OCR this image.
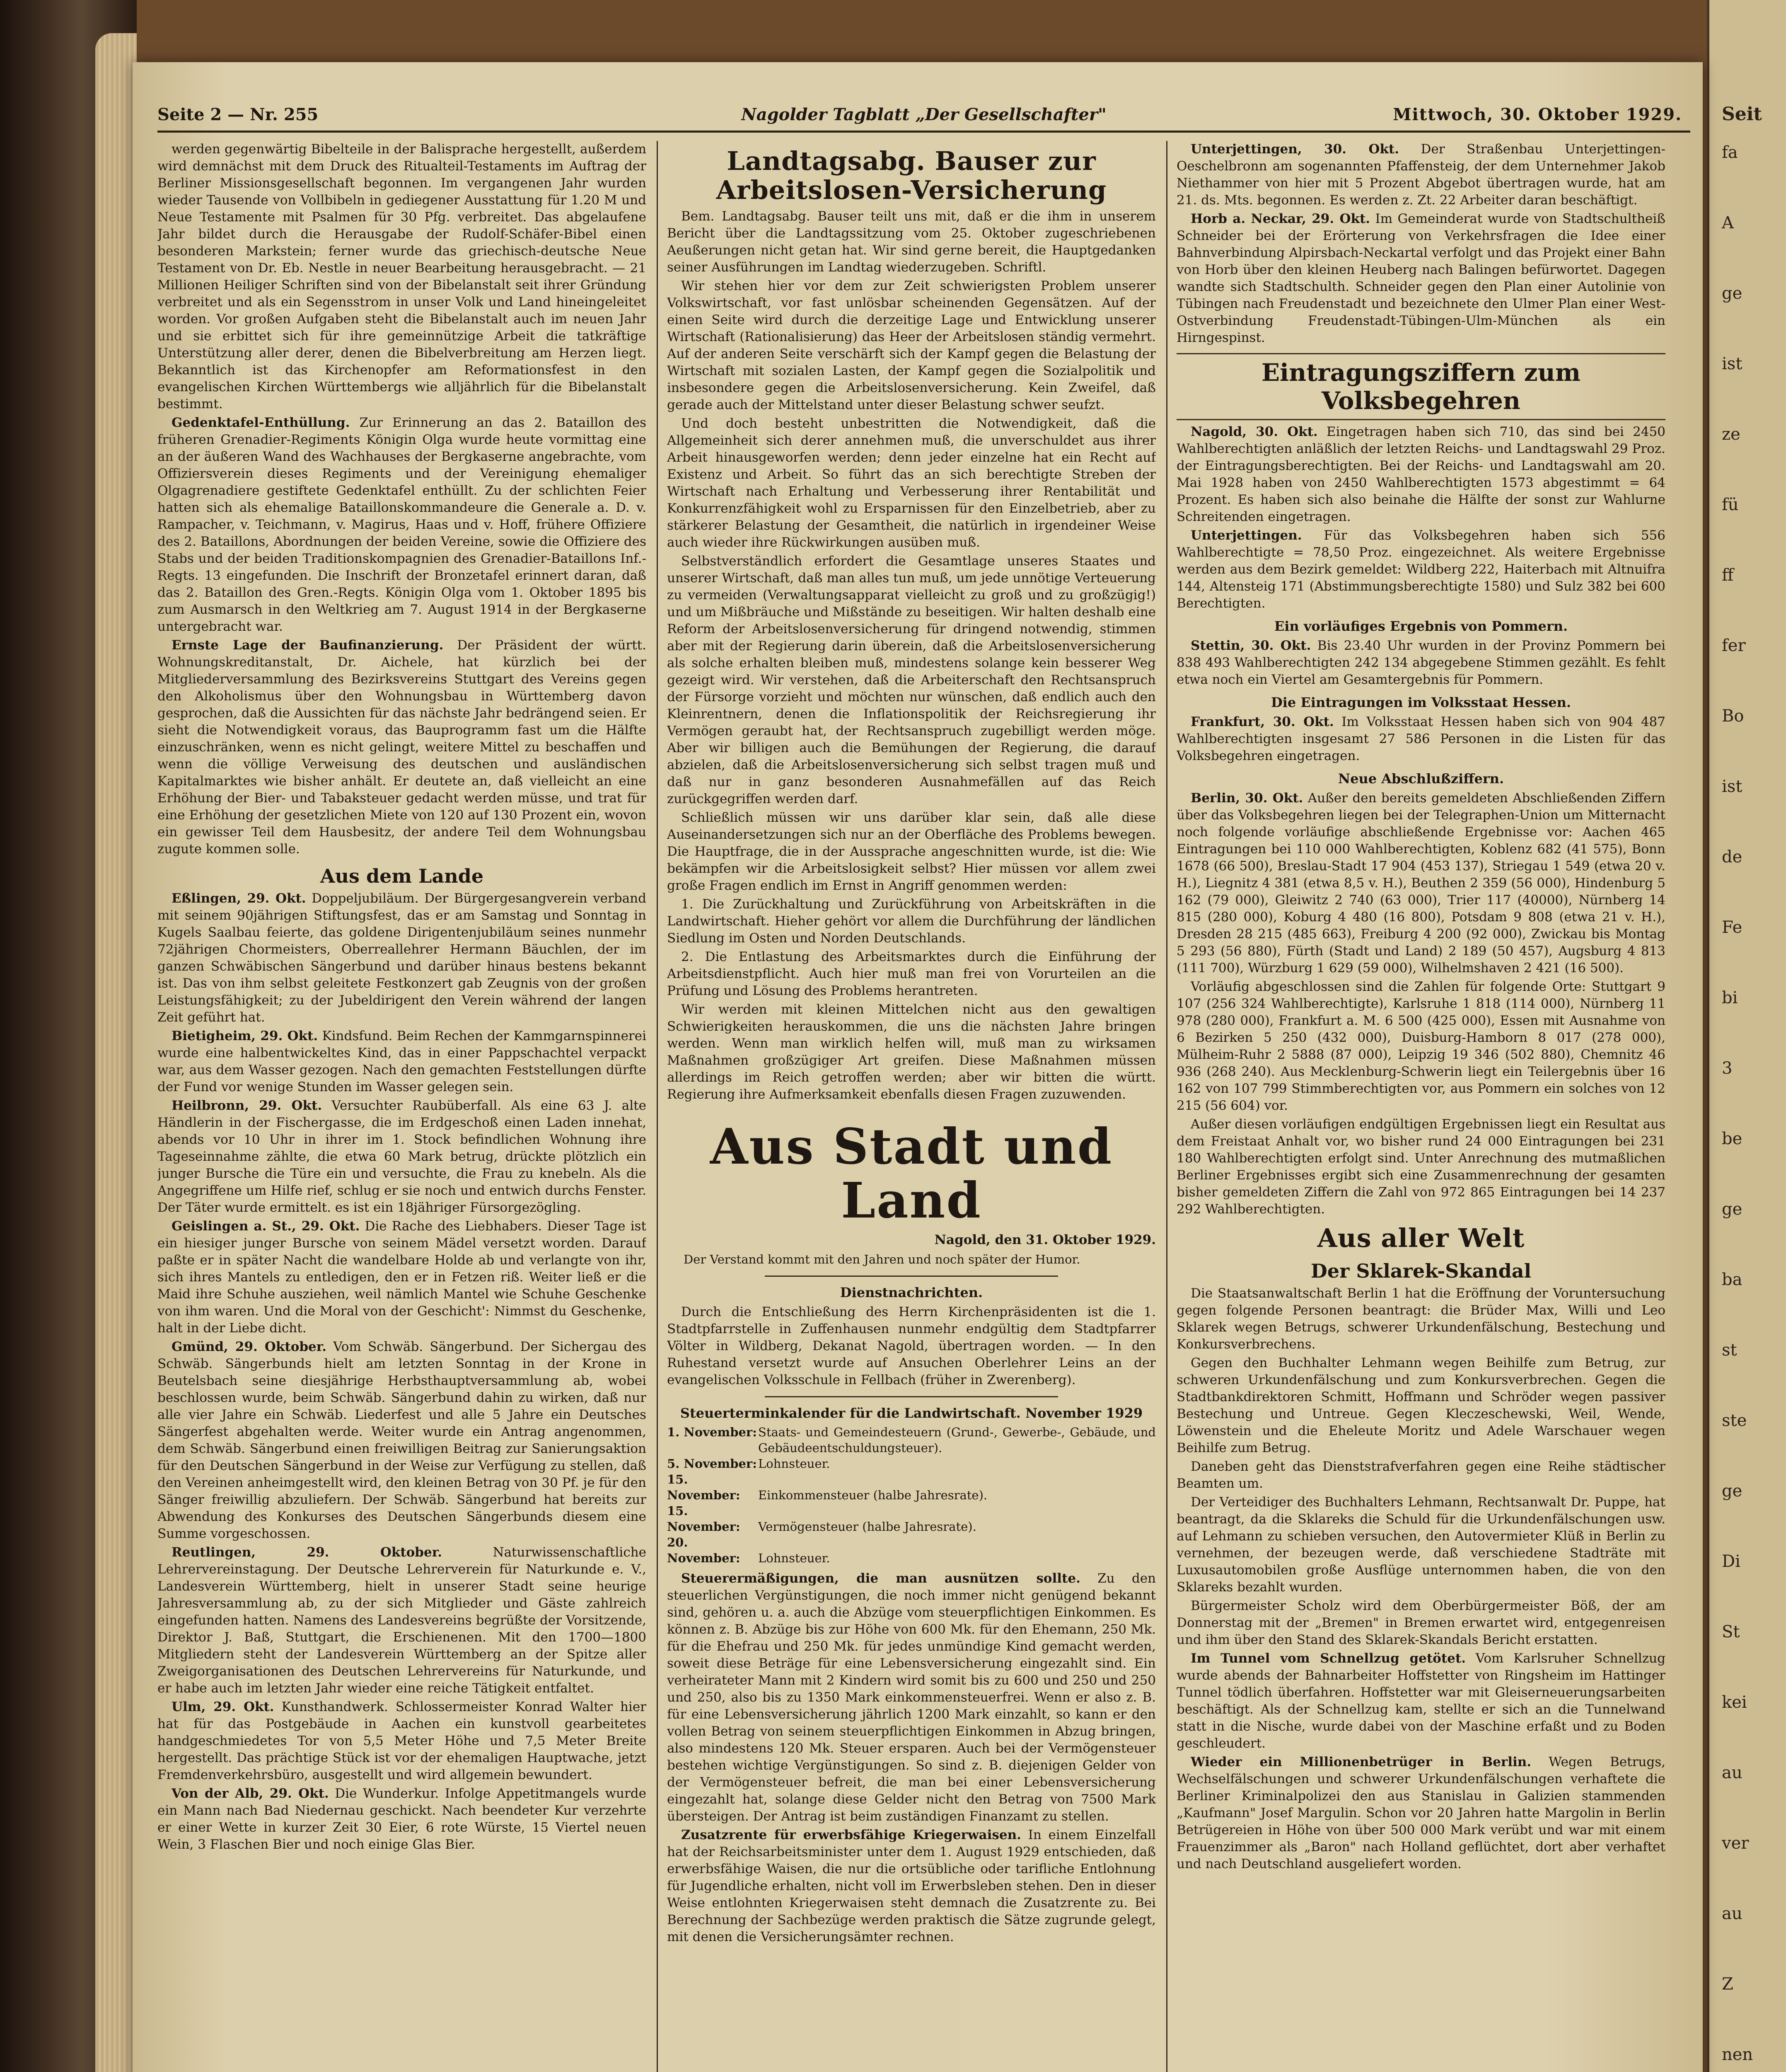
Seit
fa
A
ge
ist
ze
fü
ff
fer
Bo
ist
de
Fe
bi
3
be
ge
ba
st
ste
ge
Di
St
kei
au
ver
au
Z
nen
Seite 2 — Nr. 255	Nagolder Tagblatt „Der Gesellschafter"	Mittwoch, 30. Oktober 1929.

werden gegenwärtig Bibelteile in der Balisprache hergestellt, außerdem wird demnächst mit dem Druck des Ritualteil-Testaments im Auftrag der Berliner Missionsgesellschaft begonnen. Im vergangenen Jahr wurden wieder Tausende von Vollbibeln in gediegener Ausstattung für 1.20 M und Neue Testamente mit Psalmen für 30 Pfg. verbreitet. Das abgelaufene Jahr bildet durch die Herausgabe der Rudolf-Schäfer-Bibel einen besonderen Markstein; ferner wurde das griechisch-deutsche Neue Testament von Dr. Eb. Nestle in neuer Bearbeitung herausgebracht. — 21 Millionen Heiliger Schriften sind von der Bibelanstalt seit ihrer Gründung verbreitet und als ein Segensstrom in unser Volk und Land hineingeleitet worden. Vor großen Aufgaben steht die Bibelanstalt auch im neuen Jahr und sie erbittet sich für ihre gemeinnützige Arbeit die tatkräftige Unterstützung aller derer, denen die Bibelverbreitung am Herzen liegt. Bekanntlich ist das Kirchenopfer am Reformationsfest in den evangelischen Kirchen Württembergs wie alljährlich für die Bibelanstalt bestimmt.

Gedenktafel-Enthüllung. Zur Erinnerung an das 2. Bataillon des früheren Grenadier-Regiments Königin Olga wurde heute vormittag eine an der äußeren Wand des Wachhauses der Bergkaserne angebrachte, vom Offiziersverein dieses Regiments und der Vereinigung ehemaliger Olgagrenadiere gestiftete Gedenktafel enthüllt. Zu der schlichten Feier hatten sich als ehemalige Bataillonskommandeure die Generale a. D. v. Rampacher, v. Teichmann, v. Magirus, Haas und v. Hoff, frühere Offiziere des 2. Bataillons, Abordnungen der beiden Vereine, sowie die Offiziere des Stabs und der beiden Traditionskompagnien des Grenadier-Bataillons Inf.-Regts. 13 eingefunden. Die Inschrift der Bronzetafel erinnert daran, daß das 2. Bataillon des Gren.-Regts. Königin Olga vom 1. Oktober 1895 bis zum Ausmarsch in den Weltkrieg am 7. August 1914 in der Bergkaserne untergebracht war.

Ernste Lage der Baufinanzierung. Der Präsident der württ. Wohnungskreditanstalt, Dr. Aichele, hat kürzlich bei der Mitgliederversammlung des Bezirksvereins Stuttgart des Vereins gegen den Alkoholismus über den Wohnungsbau in Württemberg davon gesprochen, daß die Aussichten für das nächste Jahr bedrängend seien. Er sieht die Notwendigkeit voraus, das Bauprogramm fast um die Hälfte einzuschränken, wenn es nicht gelingt, weitere Mittel zu beschaffen und wenn die völlige Verweisung des deutschen und ausländischen Kapitalmarktes wie bisher anhält. Er deutete an, daß vielleicht an eine Erhöhung der Bier- und Tabaksteuer gedacht werden müsse, und trat für eine Erhöhung der gesetzlichen Miete von 120 auf 130 Prozent ein, wovon ein gewisser Teil dem Hausbesitz, der andere Teil dem Wohnungsbau zugute kommen solle.

Aus dem Lande

Eßlingen, 29. Okt. Doppeljubiläum. Der Bürgergesangverein verband mit seinem 90jährigen Stiftungsfest, das er am Samstag und Sonntag in Kugels Saalbau feierte, das goldene Dirigentenjubiläum seines nunmehr 72jährigen Chormeisters, Oberreallehrer Hermann Bäuchlen, der im ganzen Schwäbischen Sängerbund und darüber hinaus bestens bekannt ist. Das von ihm selbst geleitete Festkonzert gab Zeugnis von der großen Leistungsfähigkeit; zu der Jubeldirigent den Verein während der langen Zeit geführt hat.

Bietigheim, 29. Okt. Kindsfund. Beim Rechen der Kammgarnspinnerei wurde eine halbentwickeltes Kind, das in einer Pappschachtel verpackt war, aus dem Wasser gezogen. Nach den gemachten Feststellungen dürfte der Fund vor wenige Stunden im Wasser gelegen sein.

Heilbronn, 29. Okt. Versuchter Raubüberfall. Als eine 63 J. alte Händlerin in der Fischergasse, die im Erdgeschoß einen Laden innehat, abends vor 10 Uhr in ihrer im 1. Stock befindlichen Wohnung ihre Tageseinnahme zählte, die etwa 60 Mark betrug, drückte plötzlich ein junger Bursche die Türe ein und versuchte, die Frau zu knebeln. Als die Angegriffene um Hilfe rief, schlug er sie noch und entwich durchs Fenster. Der Täter wurde ermittelt. es ist ein 18jähriger Fürsorgezögling.

Geislingen a. St., 29. Okt. Die Rache des Liebhabers. Dieser Tage ist ein hiesiger junger Bursche von seinem Mädel versetzt worden. Darauf paßte er in später Nacht die wandelbare Holde ab und verlangte von ihr, sich ihres Mantels zu entledigen, den er in Fetzen riß. Weiter ließ er die Maid ihre Schuhe ausziehen, weil nämlich Mantel wie Schuhe Geschenke von ihm waren. Und die Moral von der Geschicht': Nimmst du Geschenke, halt in der Liebe dicht.

Gmünd, 29. Oktober. Vom Schwäb. Sängerbund. Der Sichergau des Schwäb. Sängerbunds hielt am letzten Sonntag in der Krone in Beutelsbach seine diesjährige Herbsthauptversammlung ab, wobei beschlossen wurde, beim Schwäb. Sängerbund dahin zu wirken, daß nur alle vier Jahre ein Schwäb. Liederfest und alle 5 Jahre ein Deutsches Sängerfest abgehalten werde. Weiter wurde ein Antrag angenommen, dem Schwäb. Sängerbund einen freiwilligen Beitrag zur Sanierungsaktion für den Deutschen Sängerbund in der Weise zur Verfügung zu stellen, daß den Vereinen anheimgestellt wird, den kleinen Betrag von 30 Pf. je für den Sänger freiwillig abzuliefern. Der Schwäb. Sängerbund hat bereits zur Abwendung des Konkurses des Deutschen Sängerbunds diesem eine Summe vorgeschossen.

Reutlingen, 29. Oktober.	Naturwissenschaftliche Lehrervereinstagung. Der Deutsche Lehrerverein für Naturkunde e. V., Landesverein Württemberg, hielt in unserer Stadt seine heurige Jahresversammlung ab, zu der sich Mitglieder und Gäste zahlreich eingefunden hatten. Namens des Landesvereins begrüßte der Vorsitzende, Direktor J. Baß, Stuttgart, die Erschienenen. Mit den 1700—1800 Mitgliedern steht der Landesverein Württemberg an der Spitze aller Zweigorganisationen des Deutschen Lehrervereins für Naturkunde, und er habe auch im letzten Jahr wieder eine reiche Tätigkeit entfaltet.

Ulm, 29. Okt. Kunsthandwerk. Schlossermeister Konrad Walter hier hat für das Postgebäude in Aachen ein kunstvoll gearbeitetes handgeschmiedetes Tor von 5,5 Meter Höhe und 7,5 Meter Breite hergestellt. Das prächtige Stück ist vor der ehemaligen Hauptwache, jetzt Fremdenverkehrsbüro, ausgestellt und wird allgemein bewundert.

Von der Alb, 29. Okt. Die Wunderkur. Infolge Appetitmangels wurde ein Mann nach Bad Niedernau geschickt. Nach beendeter Kur verzehrte er einer Wette in kurzer Zeit 30 Eier, 6 rote Würste, 15 Viertel neuen Wein, 3 Flaschen Bier und noch einige Glas Bier.

Landtagsabg. Bauser zur Arbeitslosen-Versicherung

Bem. Landtagsabg. Bauser teilt uns mit, daß er die ihm in unserem Bericht über die Landtagssitzung vom 25. Oktober zugeschriebenen Aeußerungen nicht getan hat. Wir sind gerne bereit, die Hauptgedanken seiner Ausführungen im Landtag wiederzugeben. Schriftl.

Wir stehen hier vor dem zur Zeit schwierigsten Problem unserer Volkswirtschaft, vor fast unlösbar scheinenden Gegensätzen. Auf der einen Seite wird durch die derzeitige Lage und Entwicklung unserer Wirtschaft (Rationalisierung) das Heer der Arbeitslosen ständig vermehrt. Auf der anderen Seite verschärft sich der Kampf gegen die Belastung der Wirtschaft mit sozialen Lasten, der Kampf gegen die Sozialpolitik und insbesondere gegen die Arbeitslosenversicherung. Kein Zweifel, daß gerade auch der Mittelstand unter dieser Belastung schwer seufzt.

Und doch besteht unbestritten die Notwendigkeit, daß die Allgemeinheit sich derer annehmen muß, die unverschuldet aus ihrer Arbeit hinausgeworfen werden; denn jeder einzelne hat ein Recht auf Existenz und Arbeit. So führt das an sich berechtigte Streben der Wirtschaft nach Erhaltung und Verbesserung ihrer Rentabilität und Konkurrenzfähigkeit wohl zu Ersparnissen für den Einzelbetrieb, aber zu stärkerer Belastung der Gesamtheit, die natürlich in irgendeiner Weise auch wieder ihre Rückwirkungen ausüben muß.

Selbstverständlich erfordert die Gesamtlage unseres Staates und unserer Wirtschaft, daß man alles tun muß, um jede unnötige Verteuerung zu vermeiden (Verwaltungsapparat vielleicht zu groß und zu großzügig!) und um Mißbräuche und Mißstände zu beseitigen. Wir halten deshalb eine Reform der Arbeitslosenversicherung für dringend notwendig, stimmen aber mit der Regierung darin überein, daß die Arbeitslosenversicherung als solche erhalten bleiben muß, mindestens solange kein besserer Weg gezeigt wird. Wir verstehen, daß die Arbeiterschaft den Rechtsanspruch der Fürsorge vorzieht und möchten nur wünschen, daß endlich auch den Kleinrentnern, denen die Inflationspolitik der Reichsregierung ihr Vermögen geraubt hat, der Rechtsanspruch zugebilligt werden möge. Aber wir billigen auch die Bemühungen der Regierung, die darauf abzielen, daß die Arbeitslosenversicherung sich selbst tragen muß und daß nur in ganz besonderen Ausnahmefällen auf das Reich zurückgegriffen werden darf.

Schließlich müssen wir uns darüber klar sein, daß alle diese Auseinandersetzungen sich nur an der Oberfläche des Problems bewegen. Die Hauptfrage, die in der Aussprache angeschnitten wurde, ist die: Wie bekämpfen wir die Arbeitslosigkeit selbst? Hier müssen vor allem zwei große Fragen endlich im Ernst in Angriff genommen werden:

1. Die Zurückhaltung und Zurückführung von Arbeitskräften in die Landwirtschaft. Hieher gehört vor allem die Durchführung der ländlichen Siedlung im Osten und Norden Deutschlands.

2. Die Entlastung des Arbeitsmarktes durch die Einführung der Arbeitsdienstpflicht. Auch hier muß man frei von Vorurteilen an die Prüfung und Lösung des Problems herantreten.

Wir werden mit kleinen Mittelchen nicht aus den gewaltigen Schwierigkeiten herauskommen, die uns die nächsten Jahre bringen werden. Wenn man wirklich helfen will, muß man zu wirksamen Maßnahmen großzügiger Art greifen. Diese Maßnahmen müssen allerdings im Reich getroffen werden; aber wir bitten die württ. Regierung ihre Aufmerksamkeit ebenfalls diesen Fragen zuzuwenden.

Aus Stadt und Land
Nagold, den 31. Oktober 1929.
Der Verstand kommt mit den Jahren und noch später der Humor.
Dienstnachrichten.

Durch die Entschließung des Herrn Kirchenpräsidenten ist die 1. Stadtpfarrstelle in Zuffenhausen nunmehr endgültig dem Stadtpfarrer Völter in Wildberg, Dekanat Nagold, übertragen worden. — In den Ruhestand versetzt wurde auf Ansuchen Oberlehrer Leins an der evangelischen Volksschule in Fellbach (früher in Zwerenberg).

Steuerterminkalender für die Landwirtschaft. November 1929
1. November: Staats- und Gemeindesteuern (Grund-, Gewerbe-, Gebäude, und Gebäudeentschuldungsteuer).
5. November: Lohnsteuer.
15. November: Einkommensteuer (halbe Jahresrate).
15. November: Vermögensteuer (halbe Jahresrate).
20. November: Lohnsteuer.

Steuerermäßigungen, die man ausnützen sollte. Zu den steuerlichen Vergünstigungen, die noch immer nicht genügend bekannt sind, gehören u. a. auch die Abzüge vom steuerpflichtigen Einkommen. Es können z. B. Abzüge bis zur Höhe von 600 Mk. für den Ehemann, 250 Mk. für die Ehefrau und 250 Mk. für jedes unmündige Kind gemacht werden, soweit diese Beträge für eine Lebensversicherung eingezahlt sind. Ein verheirateter Mann mit 2 Kindern wird somit bis zu 600 und 250 und 250 und 250, also bis zu 1350 Mark einkommensteuerfrei. Wenn er also z. B. für eine Lebensversicherung jährlich 1200 Mark einzahlt, so kann er den vollen Betrag von seinem steuerpflichtigen Einkommen in Abzug bringen, also mindestens 120 Mk. Steuer ersparen. Auch bei der Vermögensteuer bestehen wichtige Vergünstigungen. So sind z. B. diejenigen Gelder von der Vermögensteuer befreit, die man bei einer Lebensversicherung eingezahlt hat, solange diese Gelder nicht den Betrag von 7500 Mark übersteigen. Der Antrag ist beim zuständigen Finanzamt zu stellen.

Zusatzrente für erwerbsfähige Kriegerwaisen. In einem Einzelfall hat der Reichsarbeitsminister unter dem 1. August 1929 entschieden, daß erwerbsfähige Waisen, die nur die ortsübliche oder tarifliche Entlohnung für Jugendliche erhalten, nicht voll im Erwerbsleben stehen. Den in dieser Weise entlohnten Kriegerwaisen steht demnach die Zusatzrente zu. Bei Berechnung der Sachbezüge werden praktisch die Sätze zugrunde gelegt, mit denen die Versicherungsämter rechnen.

Unterjettingen, 30. Okt. Der Straßenbau Unterjettingen-Oeschelbronn am sogenannten Pfaffensteig, der dem Unternehmer Jakob Niethammer von hier mit 5 Prozent Abgebot übertragen wurde, hat am 21. ds. Mts. begonnen. Es werden z. Zt. 22 Arbeiter daran beschäftigt.

Horb a. Neckar, 29. Okt. Im Gemeinderat wurde von Stadtschultheiß Schneider bei der Erörterung von Verkehrsfragen die Idee einer Bahnverbindung Alpirsbach-Neckartal verfolgt und das Projekt einer Bahn von Horb über den kleinen Heuberg nach Balingen befürwortet. Dagegen wandte sich Stadtschulth. Schneider gegen den Plan einer Autolinie von Tübingen nach Freudenstadt und bezeichnete den Ulmer Plan einer West-Ostverbindung Freudenstadt-Tübingen-Ulm-München als ein Hirngespinst.

Eintragungsziffern zum Volksbegehren

Nagold, 30. Okt. Eingetragen haben sich 710, das sind bei 2450 Wahlberechtigten anläßlich der letzten Reichs- und Landtagswahl 29 Proz. der Eintragungsberechtigten. Bei der Reichs- und Landtagswahl am 20. Mai 1928 haben von 2450 Wahlberechtigten 1573 abgestimmt = 64 Prozent. Es haben sich also beinahe die Hälfte der sonst zur Wahlurne Schreitenden eingetragen.

Unterjettingen. Für das Volksbegehren haben sich 556 Wahlberechtigte = 78,50 Proz. eingezeichnet. Als weitere Ergebnisse werden aus dem Bezirk gemeldet: Wildberg 222, Haiterbach mit Altnuifra 144, Altensteig 171 (Abstimmungsberechtigte 1580) und Sulz 382 bei 600 Berechtigten.

Ein vorläufiges Ergebnis von Pommern.

Stettin, 30. Okt. Bis 23.40 Uhr wurden in der Provinz Pommern bei 838 493 Wahlberechtigten 242 134 abgegebene Stimmen gezählt. Es fehlt etwa noch ein Viertel am Gesamtergebnis für Pommern.

Die Eintragungen im Volksstaat Hessen.

Frankfurt, 30. Okt. Im Volksstaat Hessen haben sich von 904 487 Wahlberechtigten insgesamt 27 586 Personen in die Listen für das Volksbegehren eingetragen.

Neue Abschlußziffern.

Berlin, 30. Okt. Außer den bereits gemeldeten Abschließenden Ziffern über das Volksbegehren liegen bei der Telegraphen-Union um Mitternacht noch folgende vorläufige abschließende Ergebnisse vor: Aachen 465 Eintragungen bei 110 000 Wahlberechtigten, Koblenz 682 (41 575), Bonn 1678 (66 500), Breslau-Stadt 17 904 (453 137), Striegau 1 549 (etwa 20 v. H.), Liegnitz 4 381 (etwa 8,5 v. H.), Beuthen 2 359 (56 000), Hindenburg 5 162 (79 000), Gleiwitz 2 740 (63 000), Trier 117 (40000), Nürnberg 14 815 (280 000), Koburg 4 480 (16 800), Potsdam 9 808 (etwa 21 v. H.), Dresden 28 215 (485 663), Freiburg 4 200 (92 000), Zwickau bis Montag 5 293 (56 880), Fürth (Stadt und Land) 2 189 (50 457), Augsburg 4 813 (111 700), Würzburg 1 629 (59 000), Wilhelmshaven 2 421 (16 500).

Vorläufig abgeschlossen sind die Zahlen für folgende Orte: Stuttgart 9 107 (256 324 Wahlberechtigte), Karlsruhe 1 818 (114 000), Nürnberg 11 978 (280 000), Frankfurt a. M. 6 500 (425 000), Essen mit Ausnahme von 6 Bezirken 5 250 (432 000), Duisburg-Hamborn 8 017 (278 000), Mülheim-Ruhr 2 5888 (87 000), Leipzig 19 346 (502 880), Chemnitz 46 936 (268 240). Aus Mecklenburg-Schwerin liegt ein Teilergebnis über 16 162 von 107 799 Stimmberechtigten vor, aus Pommern ein solches von 12 215 (56 604) vor.

Außer diesen vorläufigen endgültigen Ergebnissen liegt ein Resultat aus dem Freistaat Anhalt vor, wo bisher rund 24 000 Eintragungen bei 231 180 Wahlberechtigten erfolgt sind. Unter Anrechnung des mutmaßlichen Berliner Ergebnisses ergibt sich eine Zusammenrechnung der gesamten bisher gemeldeten Ziffern die Zahl von 972 865 Eintragungen bei 14 237 292 Wahlberechtigten.

Aus aller Welt
Der Sklarek-Skandal

Die Staatsanwaltschaft Berlin 1 hat die Eröffnung der Voruntersuchung gegen folgende Personen beantragt: die Brüder Max, Willi und Leo Sklarek wegen Betrugs, schwerer Urkundenfälschung, Bestechung und Konkursverbrechens.

Gegen den Buchhalter Lehmann wegen Beihilfe zum Betrug, zur schweren Urkundenfälschung und zum Konkursverbrechen. Gegen die Stadtbankdirektoren Schmitt, Hoffmann und Schröder wegen passiver Bestechung und Untreue. Gegen Kleczeschewski, Weil, Wende, Löwenstein und die Eheleute Moritz und Adele Warschauer wegen Beihilfe zum Betrug.

Daneben geht das Dienststrafverfahren gegen eine Reihe städtischer Beamten um.

Der Verteidiger des Buchhalters Lehmann, Rechtsanwalt Dr. Puppe, hat beantragt, da die Sklareks die Schuld für die Urkundenfälschungen usw. auf Lehmann zu schieben versuchen, den Autovermieter Klüß in Berlin zu vernehmen, der bezeugen werde, daß verschiedene Stadträte mit Luxusautomobilen große Ausflüge unternommen haben, die von den Sklareks bezahlt wurden.

Bürgermeister Scholz wird dem Oberbürgermeister Böß, der am Donnerstag mit der „Bremen" in Bremen erwartet wird, entgegenreisen und ihm über den Stand des Sklarek-Skandals Bericht erstatten.

Im Tunnel vom Schnellzug getötet. Vom Karlsruher Schnellzug wurde abends der Bahnarbeiter Hoffstetter von Ringsheim im Hattinger Tunnel tödlich überfahren. Hoffstetter war mit Gleiserneuerungsarbeiten beschäftigt. Als der Schnellzug kam, stellte er sich an die Tunnelwand statt in die Nische, wurde dabei von der Maschine erfaßt und zu Boden geschleudert.

Wieder ein Millionenbetrüger in Berlin. Wegen Betrugs, Wechselfälschungen und schwerer Urkundenfälschungen verhaftete die Berliner Kriminalpolizei den aus Stanislau in Galizien stammenden „Kaufmann" Josef Margulin. Schon vor 20 Jahren hatte Margolin in Berlin Betrügereien in Höhe von über 500 000 Mark verübt und war mit einem Frauenzimmer als „Baron" nach Holland geflüchtet, dort aber verhaftet und nach Deutschland ausgeliefert worden.
